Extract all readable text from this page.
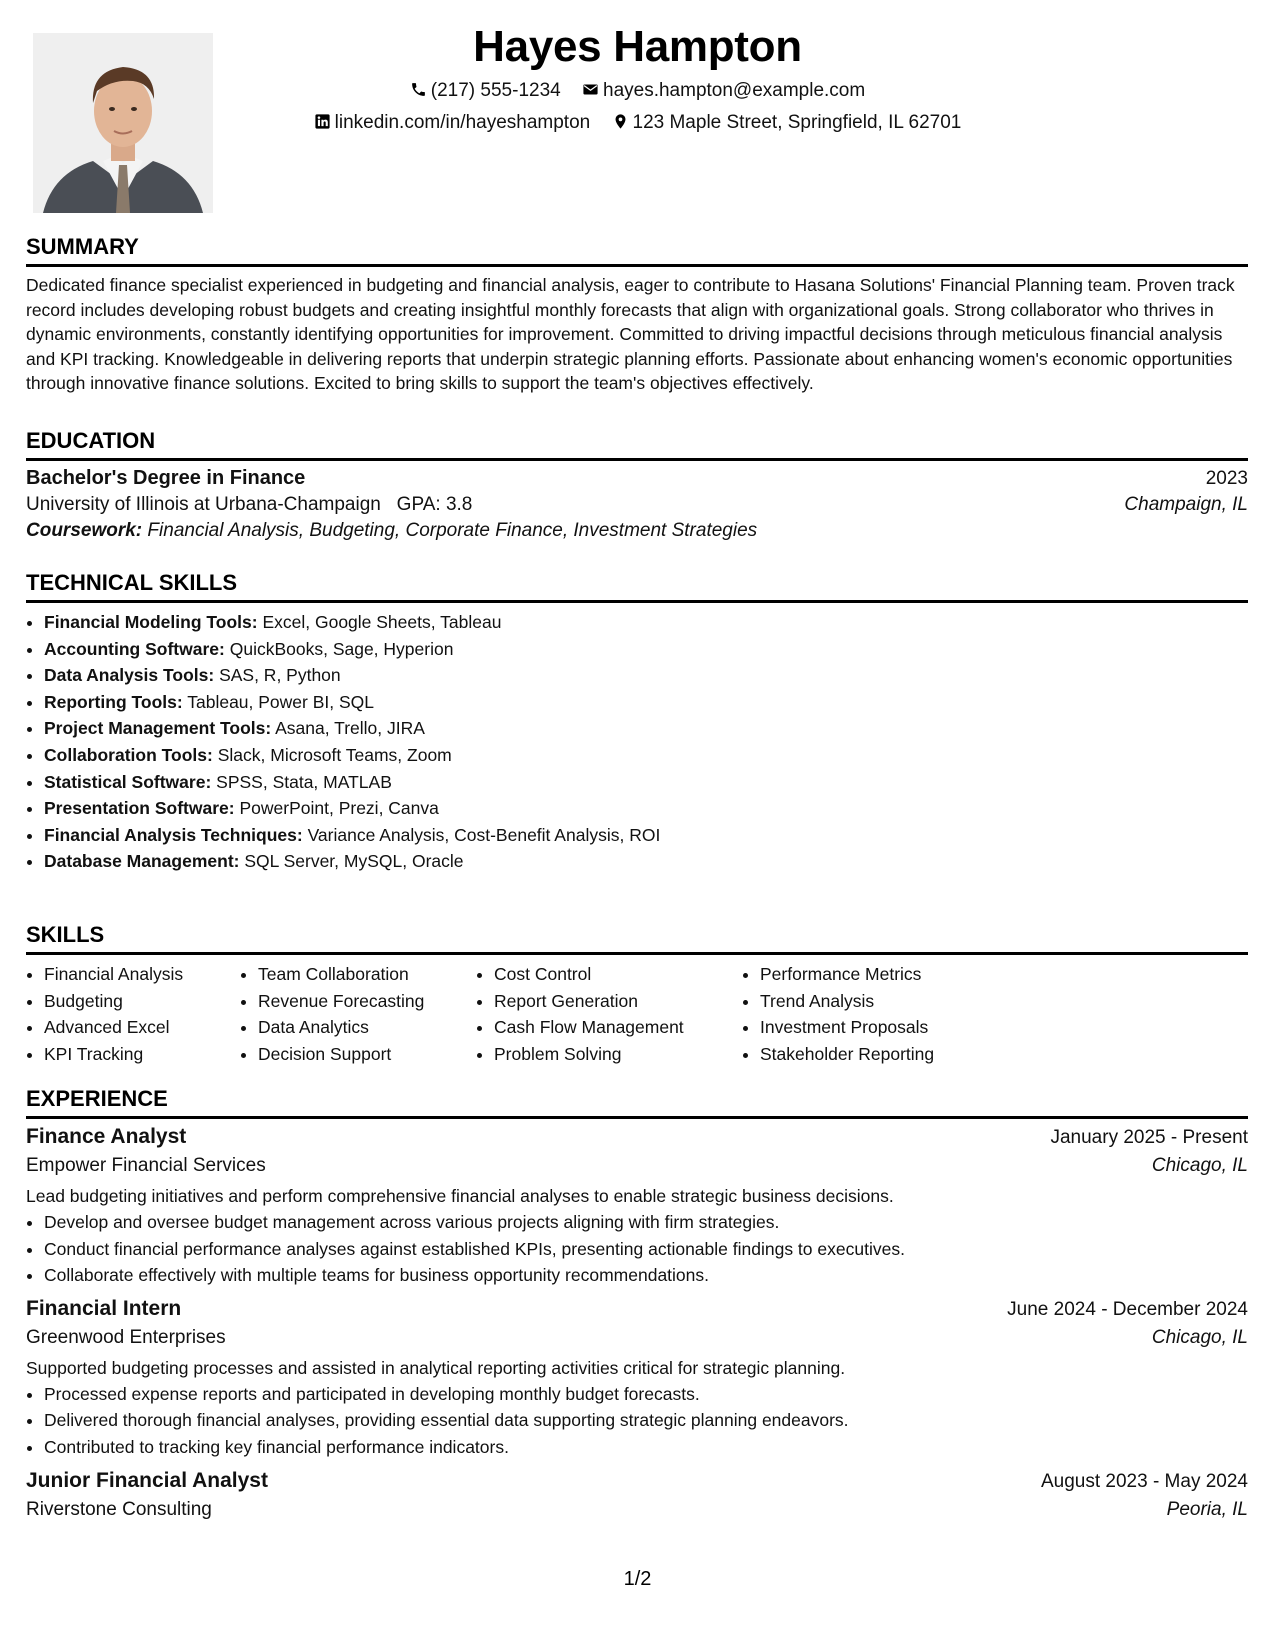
Hayes Hampton
(217) 555-1234 hayes.hampton@example.com
linkedin.com/in/hayeshampton 123 Maple Street, Springfield, IL 62701
SUMMARY

Dedicated finance specialist experienced in budgeting and financial analysis, eager to contribute to Hasana Solutions' Financial Planning team. Proven track record includes developing robust budgets and creating insightful monthly forecasts that align with organizational goals. Strong collaborator who thrives in dynamic environments, constantly identifying opportunities for improvement. Committed to driving impactful decisions through meticulous financial analysis and KPI tracking. Knowledgeable in delivering reports that underpin strategic planning efforts. Passionate about enhancing women's economic opportunities through innovative finance solutions. Excited to bring skills to support the team's objectives effectively.

EDUCATION
Bachelor's Degree in Finance	2023
University of Illinois at Urbana-Champaign GPA: 3.8	Champaign, IL
Coursework: Financial Analysis, Budgeting, Corporate Finance, Investment Strategies
TECHNICAL SKILLS
• Financial Modeling Tools: Excel, Google Sheets, Tableau
• Accounting Software: QuickBooks, Sage, Hyperion
• Data Analysis Tools: SAS, R, Python
• Reporting Tools: Tableau, Power BI, SQL
• Project Management Tools: Asana, Trello, JIRA
• Collaboration Tools: Slack, Microsoft Teams, Zoom
• Statistical Software: SPSS, Stata, MATLAB
• Presentation Software: PowerPoint, Prezi, Canva
• Financial Analysis Techniques: Variance Analysis, Cost-Benefit Analysis, ROI
• Database Management: SQL Server, MySQL, Oracle
SKILLS
• Financial Analysis
• Budgeting
• Advanced Excel
• KPI Tracking
• Team Collaboration
• Revenue Forecasting
• Data Analytics
• Decision Support
• Cost Control
• Report Generation
• Cash Flow Management
• Problem Solving
• Performance Metrics
• Trend Analysis
• Investment Proposals
• Stakeholder Reporting
EXPERIENCE
Finance Analyst	January 2025 - Present
Empower Financial Services	Chicago, IL
Lead budgeting initiatives and perform comprehensive financial analyses to enable strategic business decisions.
• Develop and oversee budget management across various projects aligning with firm strategies.
• Conduct financial performance analyses against established KPIs, presenting actionable findings to executives.
• Collaborate effectively with multiple teams for business opportunity recommendations.
Financial Intern	June 2024 - December 2024
Greenwood Enterprises	Chicago, IL
Supported budgeting processes and assisted in analytical reporting activities critical for strategic planning.
• Processed expense reports and participated in developing monthly budget forecasts.
• Delivered thorough financial analyses, providing essential data supporting strategic planning endeavors.
• Contributed to tracking key financial performance indicators.
Junior Financial Analyst	August 2023 - May 2024
Riverstone Consulting	Peoria, IL
1/2
